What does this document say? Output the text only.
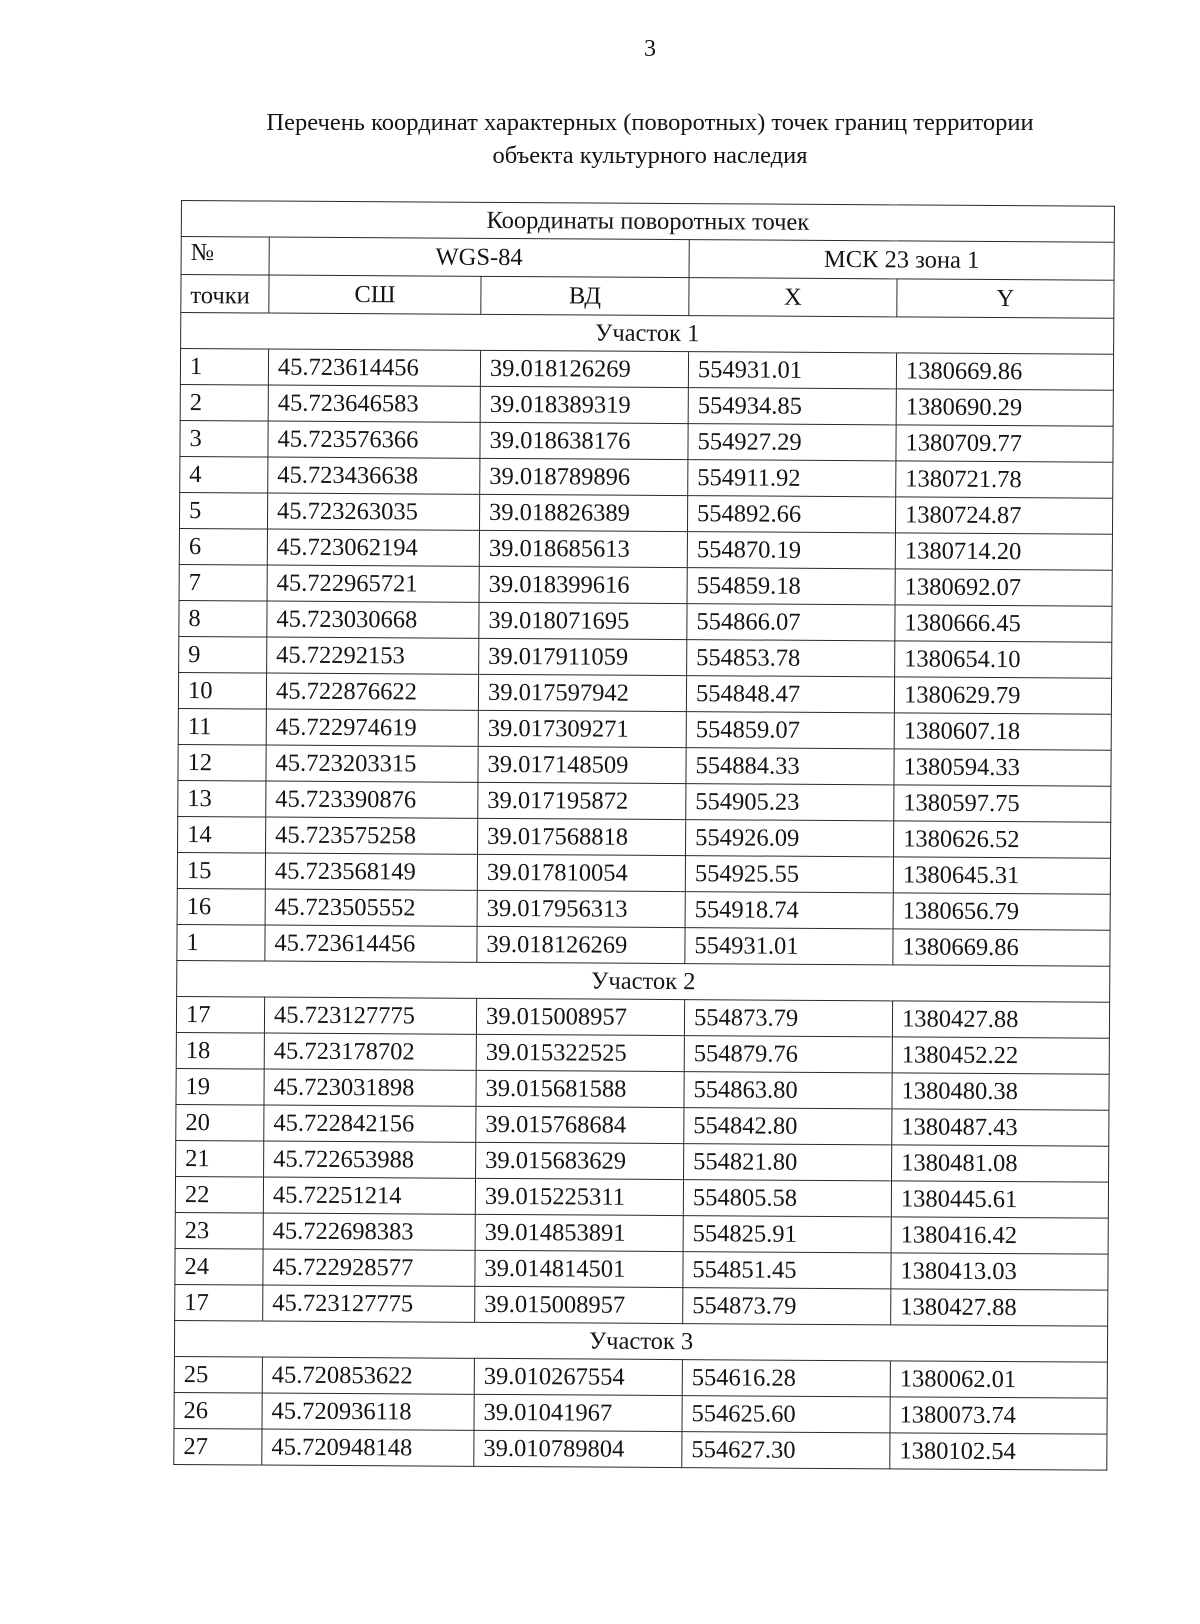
3
Перечень координат характерных (поворотных) точек границ территории
объекта культурного наследия
Координаты поворотных точек				
№	WGS-84		МСК 23 зона 1	
точки	СШ	ВД	X	Y
Участок 1				
1	45.723614456	39.018126269	554931.01	1380669.86
2	45.723646583	39.018389319	554934.85	1380690.29
3	45.723576366	39.018638176	554927.29	1380709.77
4	45.723436638	39.018789896	554911.92	1380721.78
5	45.723263035	39.018826389	554892.66	1380724.87
6	45.723062194	39.018685613	554870.19	1380714.20
7	45.722965721	39.018399616	554859.18	1380692.07
8	45.723030668	39.018071695	554866.07	1380666.45
9	45.72292153	39.017911059	554853.78	1380654.10
10	45.722876622	39.017597942	554848.47	1380629.79
11	45.722974619	39.017309271	554859.07	1380607.18
12	45.723203315	39.017148509	554884.33	1380594.33
13	45.723390876	39.017195872	554905.23	1380597.75
14	45.723575258	39.017568818	554926.09	1380626.52
15	45.723568149	39.017810054	554925.55	1380645.31
16	45.723505552	39.017956313	554918.74	1380656.79
1	45.723614456	39.018126269	554931.01	1380669.86
Участок 2				
17	45.723127775	39.015008957	554873.79	1380427.88
18	45.723178702	39.015322525	554879.76	1380452.22
19	45.723031898	39.015681588	554863.80	1380480.38
20	45.722842156	39.015768684	554842.80	1380487.43
21	45.722653988	39.015683629	554821.80	1380481.08
22	45.72251214	39.015225311	554805.58	1380445.61
23	45.722698383	39.014853891	554825.91	1380416.42
24	45.722928577	39.014814501	554851.45	1380413.03
17	45.723127775	39.015008957	554873.79	1380427.88
Участок 3				
25	45.720853622	39.010267554	554616.28	1380062.01
26	45.720936118	39.01041967	554625.60	1380073.74
27	45.720948148	39.010789804	554627.30	1380102.54
